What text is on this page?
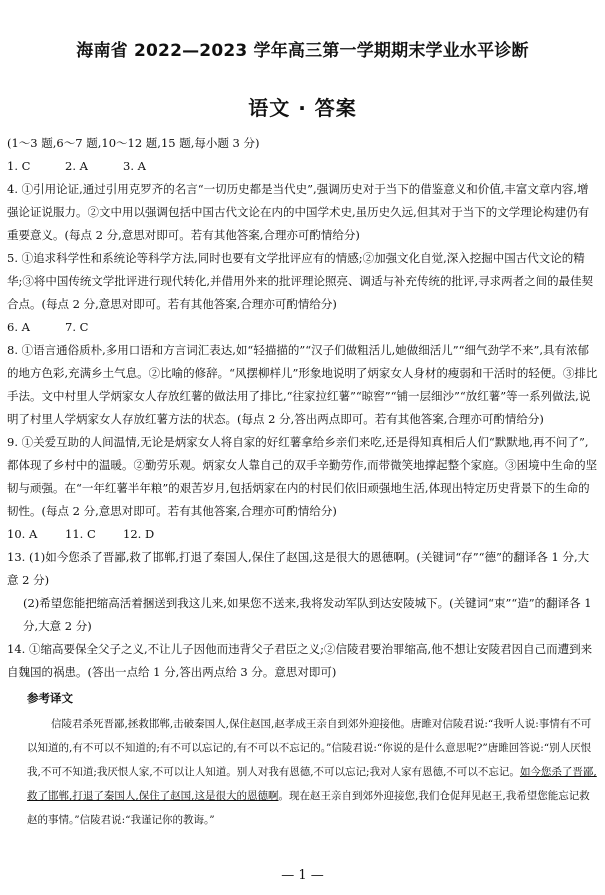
海南省 2022—2023 学年高三第一学期期末学业水平诊断
语文 · 答案

(1～3 题,6～7 题,10～12 题,15 题,每小题 3 分)

1. C	2. A	3. A

4. ①引用论证,通过引用克罗齐的名言“一切历史都是当代史”,强调历史对于当下的借鉴意义和价值,丰富文章内容,增强论证说服力。②文中用以强调包括中国古代文论在内的中国学术史,虽历史久远,但其对于当下的文学理论构建仍有重要意义。(每点 2 分,意思对即可。若有其他答案,合理亦可酌情给分)

5. ①追求科学性和系统论等科学方法,同时也要有文学批评应有的情感;②加强文化自觉,深入挖掘中国古代文论的精华;③将中国传统文学批评进行现代转化,并借用外来的批评理论照亮、调适与补充传统的批评,寻求两者之间的最佳契合点。(每点 2 分,意思对即可。若有其他答案,合理亦可酌情给分)

6. A	7. C

8. ①语言通俗质朴,多用口语和方言词汇表达,如“轻描描的”“汉子们做粗活儿,她做细活儿”“细气劲学不来”,具有浓郁的地方色彩,充满乡土气息。②比喻的修辞。“风摆柳样儿”形象地说明了炳家女人身材的瘦弱和干活时的轻便。③排比手法。文中村里人学炳家女人存放红薯的做法用了排比,“往家拉红薯”“晾窖”“铺一层细沙”“放红薯”等一系列做法,说明了村里人学炳家女人存放红薯方法的状态。(每点 2 分,答出两点即可。若有其他答案,合理亦可酌情给分)

9. ①关爱互助的人间温情,无论是炳家女人将自家的好红薯拿给乡亲们来吃,还是得知真相后人们“默默地,再不问了”,都体现了乡村中的温暖。②勤劳乐观。炳家女人靠自己的双手辛勤劳作,而带微笑地撑起整个家庭。③困境中生命的坚韧与顽强。在“一年红薯半年粮”的艰苦岁月,包括炳家在内的村民们依旧顽强地生活,体现出特定历史背景下的生命的韧性。(每点 2 分,意思对即可。若有其他答案,合理亦可酌情给分)

10. A 11. C 12. D

13. (1)如今您杀了晋鄙,救了邯郸,打退了秦国人,保住了赵国,这是很大的恩德啊。(关键词“存”“德”的翻译各 1 分,大意 2 分)

(2)希望您能把缩高活着捆送到我这儿来,如果您不送来,我将发动军队到达安陵城下。(关键词“束”“造”的翻译各 1 分,大意 2 分)

14. ①缩高要保全父子之义,不让儿子因他而违背父子君臣之义;②信陵君要治罪缩高,他不想让安陵君因自己而遭到来自魏国的祸患。(答出一点给 1 分,答出两点给 3 分。意思对即可)

参考译文

信陵君杀死晋鄙,拯救邯郸,击破秦国人,保住赵国,赵孝成王亲自到郊外迎接他。唐雎对信陵君说:“我听人说:事情有不可以知道的,有不可以不知道的;有不可以忘记的,有不可以不忘记的。”信陵君说:“你说的是什么意思呢?”唐雎回答说:“别人厌恨我,不可不知道;我厌恨人家,不可以让人知道。别人对我有恩德,不可以忘记;我对人家有恩德,不可以不忘记。如今您杀了晋鄙,救了邯郸,打退了秦国人,保住了赵国,这是很大的恩德啊。现在赵王亲自到郊外迎接您,我们仓促拜见赵王,我希望您能忘记救赵的事情。”信陵君说:“我谨记你的教诲。”

— 1 —
